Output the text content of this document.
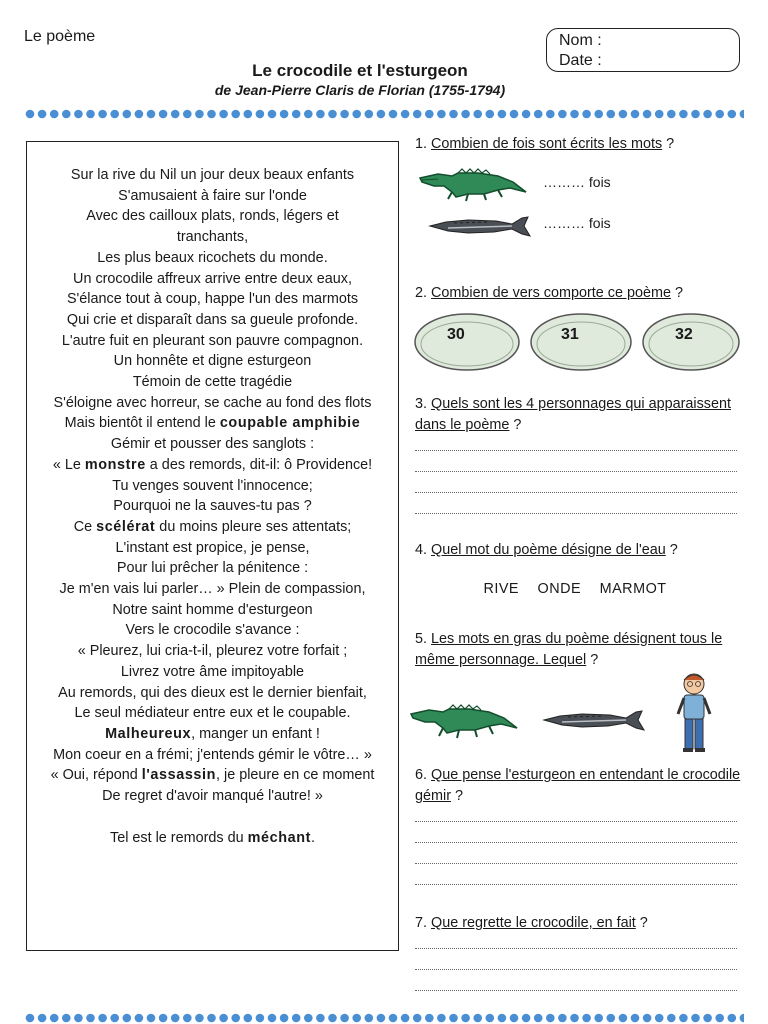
Le poème
Le crocodile et l'esturgeon
de Jean-Pierre Claris de Florian (1755-1794)
Nom :
Date :
Sur la rive du Nil un jour deux beaux enfants
S'amusaient à faire sur l'onde
Avec des cailloux plats, ronds, légers et
tranchants,
Les plus beaux ricochets du monde.
Un crocodile affreux arrive entre deux eaux,
S'élance tout à coup, happe l'un des marmots
Qui crie et disparaît dans sa gueule profonde.
L'autre fuit en pleurant son pauvre compagnon.
Un honnête et digne esturgeon
Témoin de cette tragédie
S'éloigne avec horreur, se cache au fond des flots
Mais bientôt il entend le coupable amphibie
Gémir et pousser des sanglots :
« Le monstre a des remords, dit-il: ô Providence!
Tu venges souvent l'innocence;
Pourquoi ne la sauves-tu pas ?
Ce scélérat du moins pleure ses attentats;
L'instant est propice, je pense,
Pour lui prêcher la pénitence :
Je m'en vais lui parler… » Plein de compassion,
Notre saint homme d'esturgeon
Vers le crocodile s'avance :
« Pleurez, lui cria-t-il, pleurez votre forfait ;
Livrez votre âme impitoyable
Au remords, qui des dieux est le dernier bienfait,
Le seul médiateur entre eux et le coupable.
Malheureux, manger un enfant !
Mon coeur en a frémi; j'entends gémir le vôtre… »
« Oui, répond l'assassin, je pleure en ce moment
De regret d'avoir manqué l'autre! »

Tel est le remords du méchant.
1. Combien de fois sont écrits les mots ?
……… fois
……… fois
2. Combien de vers comporte ce poème ?
30	31	32
3. Quels sont les 4 personnages qui apparaissent dans le poème ?
4. Quel mot du poème désigne de l'eau ?
RIVE ONDE MARMOT
5. Les mots en gras du poème désignent tous le même personnage. Lequel ?
6. Que pense l'esturgeon en entendant le crocodile gémir ?
7. Que regrette le crocodile, en fait ?
